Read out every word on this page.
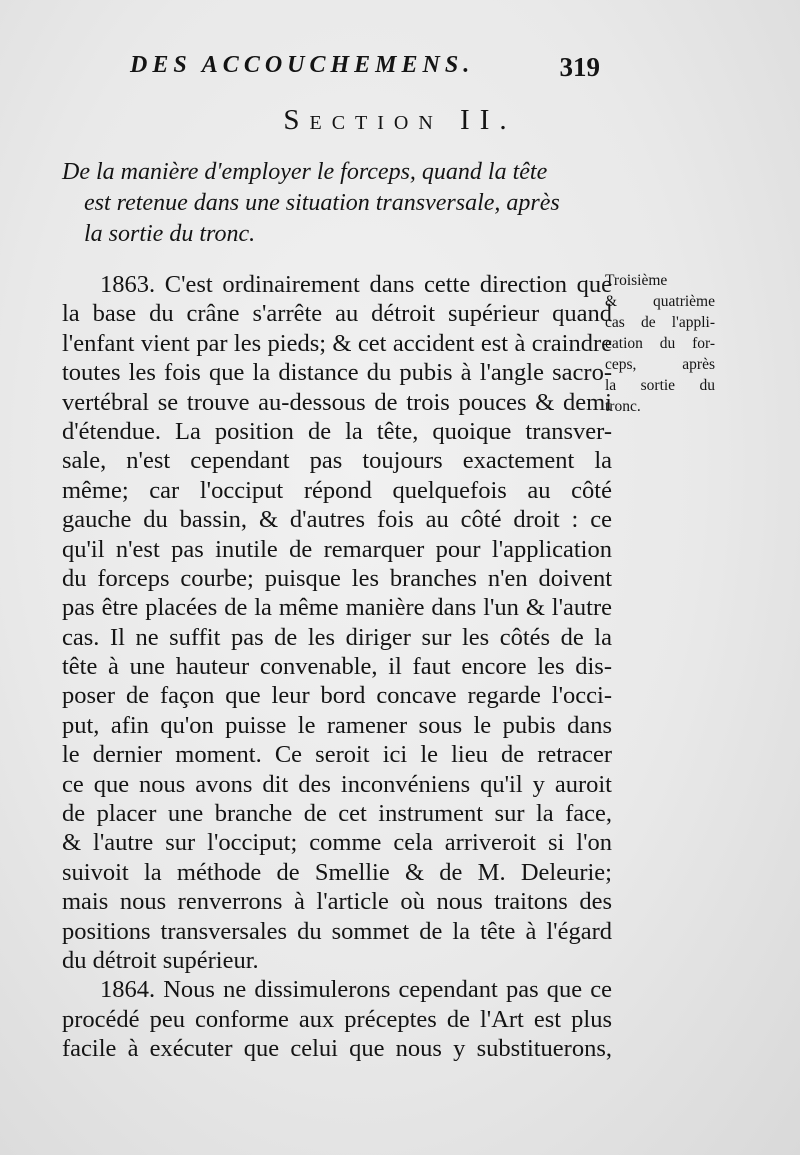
DES ACCOUCHEMENS.	319
Section II.
De la manière d'employer le forceps, quand la tête
est retenue dans une situation transversale, après
la sortie du tronc.
1863. C'est ordinairement dans cette direction que
la base du crâne s'arrête au détroit supérieur quand
l'enfant vient par les pieds; & cet accident est à craindre
toutes les fois que la distance du pubis à l'angle sacro-
vertébral se trouve au-dessous de trois pouces & demi
d'étendue. La position de la tête, quoique transver-
sale, n'est cependant pas toujours exactement la
même; car l'occiput répond quelquefois au côté
gauche du bassin, & d'autres fois au côté droit : ce
qu'il n'est pas inutile de remarquer pour l'application
du forceps courbe; puisque les branches n'en doivent
pas être placées de la même manière dans l'un & l'autre
cas. Il ne suffit pas de les diriger sur les côtés de la
tête à une hauteur convenable, il faut encore les dis-
poser de façon que leur bord concave regarde l'occi-
put, afin qu'on puisse le ramener sous le pubis dans
le dernier moment. Ce seroit ici le lieu de retracer
ce que nous avons dit des inconvéniens qu'il y auroit
de placer une branche de cet instrument sur la face,
& l'autre sur l'occiput; comme cela arriveroit si l'on
suivoit la méthode de Smellie & de M. Deleurie;
mais nous renverrons à l'article où nous traitons des
positions transversales du sommet de la tête à l'égard
du détroit supérieur.
1864. Nous ne dissimulerons cependant pas que ce
procédé peu conforme aux préceptes de l'Art est plus
facile à exécuter que celui que nous y substituerons,
Troisième
& quatrième
cas de l'appli-
cation du for-
ceps, après
la sortie du
tronc.
